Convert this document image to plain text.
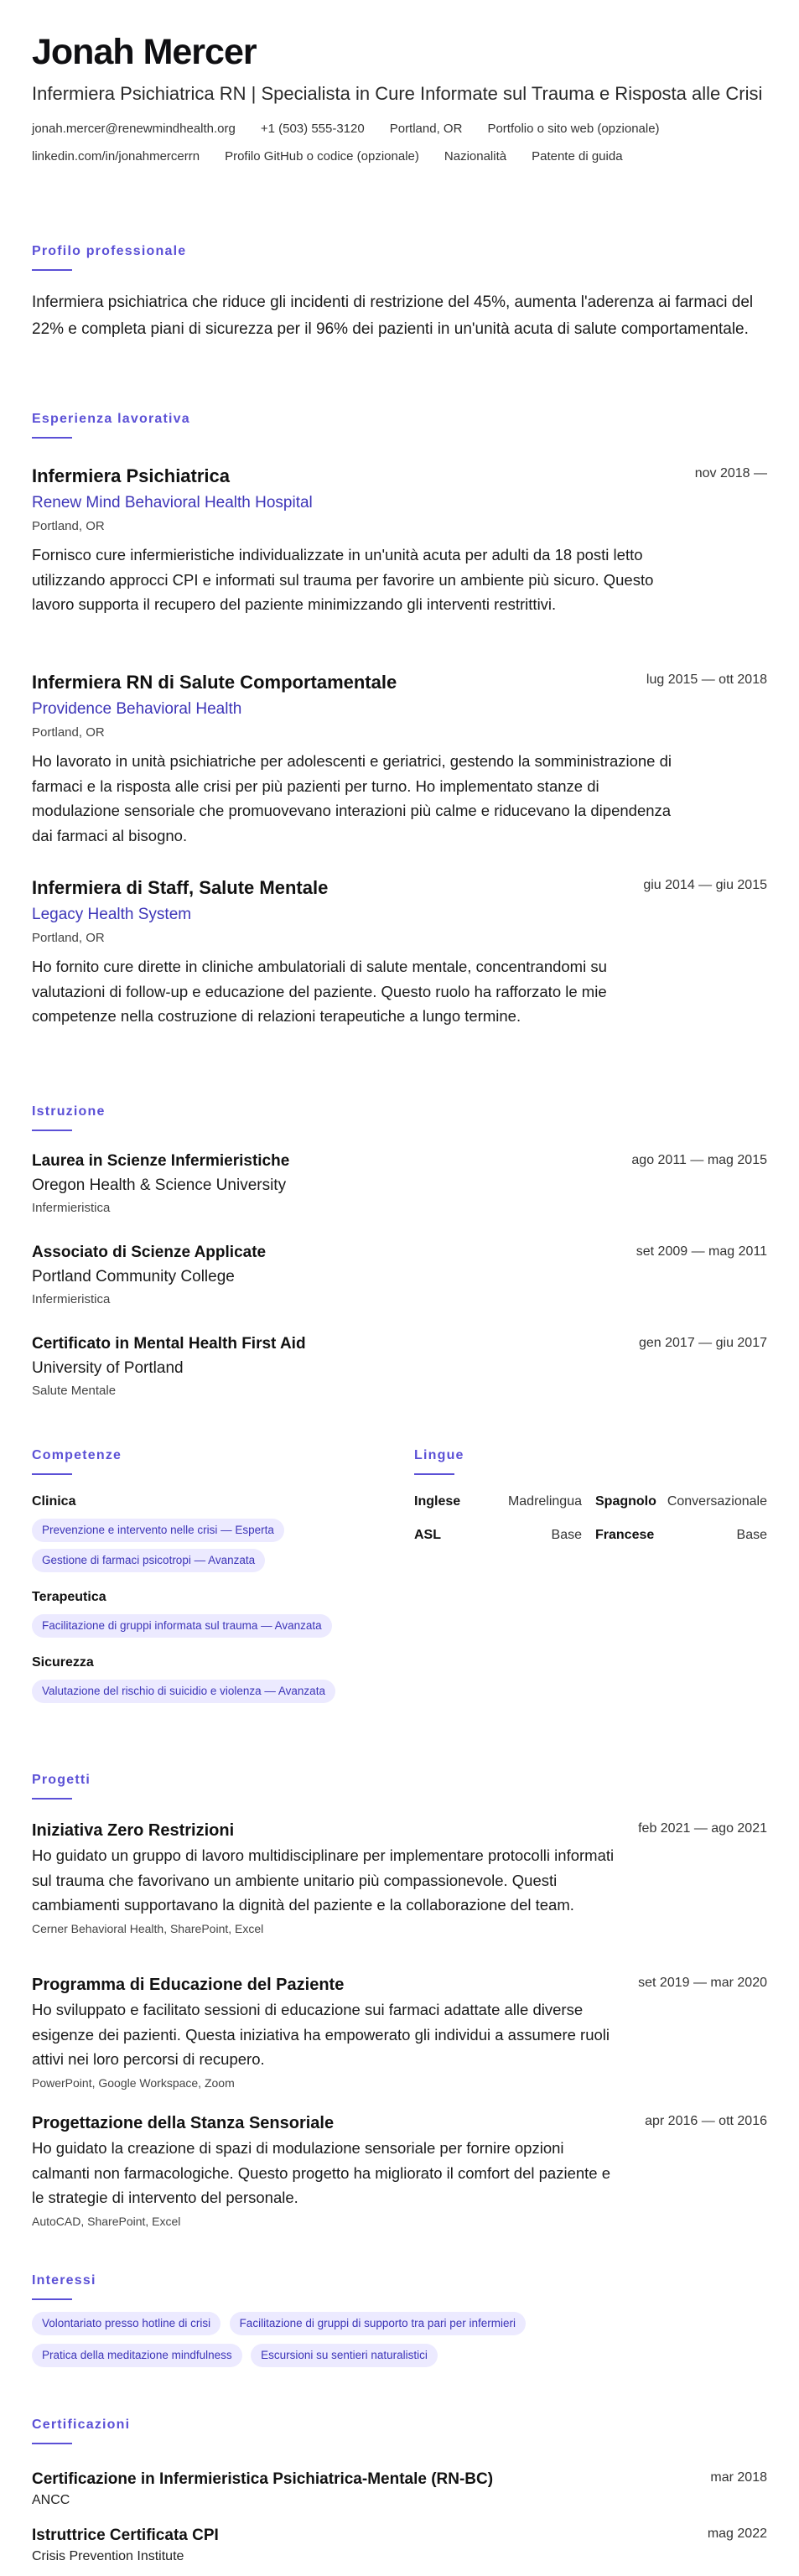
Jonah Mercer
Infermiera Psichiatrica RN | Specialista in Cure Informate sul Trauma e Risposta alle Crisi
jonah.mercer@renewmindhealth.org +1 (503) 555-3120 Portland, OR Portfolio o sito web (opzionale)
linkedin.com/in/jonahmercerrn Profilo GitHub o codice (opzionale) Nazionalità Patente di guida
Profilo professionale
Infermiera psichiatrica che riduce gli incidenti di restrizione del 45%, aumenta l'aderenza ai farmaci del 22% e completa piani di sicurezza per il 96% dei pazienti in un'unità acuta di salute comportamentale.
Esperienza lavorativa
nov 2018 —
Infermiera Psichiatrica
Renew Mind Behavioral Health Hospital
Portland, OR
Fornisco cure infermieristiche individualizzate in un'unità acuta per adulti da 18 posti letto utilizzando approcci CPI e informati sul trauma per favorire un ambiente più sicuro. Questo lavoro supporta il recupero del paziente minimizzando gli interventi restrittivi.
lug 2015 — ott 2018
Infermiera RN di Salute Comportamentale
Providence Behavioral Health
Portland, OR
Ho lavorato in unità psichiatriche per adolescenti e geriatrici, gestendo la somministrazione di farmaci e la risposta alle crisi per più pazienti per turno. Ho implementato stanze di modulazione sensoriale che promuovevano interazioni più calme e riducevano la dipendenza dai farmaci al bisogno.
giu 2014 — giu 2015
Infermiera di Staff, Salute Mentale
Legacy Health System
Portland, OR
Ho fornito cure dirette in cliniche ambulatoriali di salute mentale, concentrandomi su valutazioni di follow-up e educazione del paziente. Questo ruolo ha rafforzato le mie competenze nella costruzione di relazioni terapeutiche a lungo termine.
Istruzione
ago 2011 — mag 2015
Laurea in Scienze Infermieristiche
Oregon Health & Science University
Infermieristica
set 2009 — mag 2011
Associato di Scienze Applicate
Portland Community College
Infermieristica
gen 2017 — giu 2017
Certificato in Mental Health First Aid
University of Portland
Salute Mentale
Competenze
Clinica
Prevenzione e intervento nelle crisi — Esperta
Gestione di farmaci psicotropi — Avanzata
Terapeutica
Facilitazione di gruppi informata sul trauma — Avanzata
Sicurezza
Valutazione del rischio di suicidio e violenza — Avanzata
Lingue
Inglese	Madrelingua Spagnolo Conversazionale
ASL	Base Francese	Base
Progetti
feb 2021 — ago 2021
Iniziativa Zero Restrizioni
Ho guidato un gruppo di lavoro multidisciplinare per implementare protocolli informati sul trauma che favorivano un ambiente unitario più compassionevole. Questi cambiamenti supportavano la dignità del paziente e la collaborazione del team.
Cerner Behavioral Health, SharePoint, Excel
set 2019 — mar 2020
Programma di Educazione del Paziente
Ho sviluppato e facilitato sessioni di educazione sui farmaci adattate alle diverse esigenze dei pazienti. Questa iniziativa ha empowerato gli individui a assumere ruoli attivi nei loro percorsi di recupero.
PowerPoint, Google Workspace, Zoom
apr 2016 — ott 2016
Progettazione della Stanza Sensoriale
Ho guidato la creazione di spazi di modulazione sensoriale per fornire opzioni calmanti non farmacologiche. Questo progetto ha migliorato il comfort del paziente e le strategie di intervento del personale.
AutoCAD, SharePoint, Excel
Interessi
Volontariato presso hotline di crisi	Facilitazione di gruppi di supporto tra pari per infermieri
Pratica della meditazione mindfulness	Escursioni su sentieri naturalistici
Certificazioni
mar 2018
Certificazione in Infermieristica Psichiatrica-Mentale (RN-BC)
ANCC
mag 2022
Istruttrice Certificata CPI
Crisis Prevention Institute
